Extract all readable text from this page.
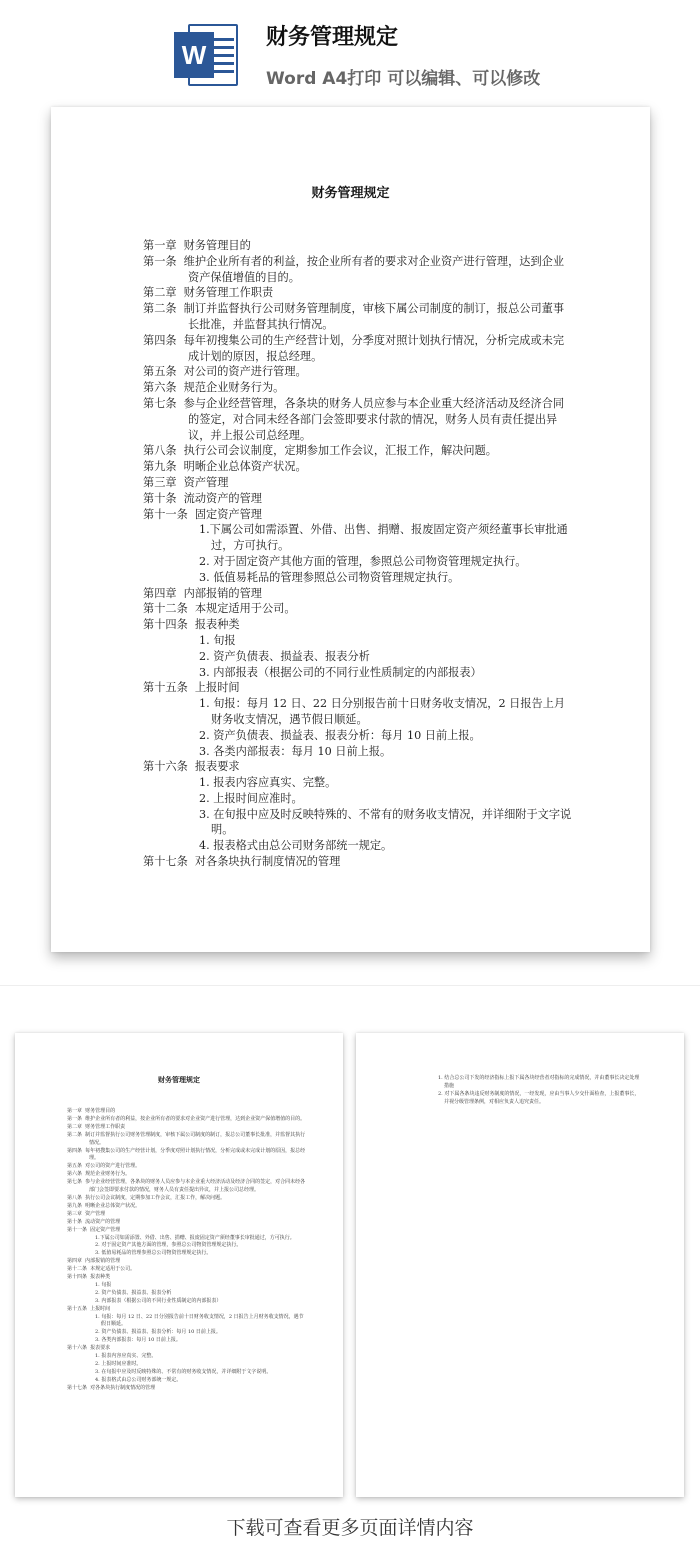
W
财务管理规定
Word A4打印 可以编辑、可以修改
财务管理规定
第一章  财务管理目的
第一条  维护企业所有者的利益，按企业所有者的要求对企业资产进行管理，达到企业资产保值增值的目的。
第二章  财务管理工作职责
第二条  制订并监督执行公司财务管理制度，审核下属公司制度的制订，报总公司董事长批准，并监督其执行情况。
第四条  每年初搜集公司的生产经营计划，分季度对照计划执行情况，分析完成或未完成计划的原因，报总经理。
第五条  对公司的资产进行管理。
第六条  规范企业财务行为。
第七条  参与企业经营管理，各条块的财务人员应参与本企业重大经济活动及经济合同的签定，对合同未经各部门会签即要求付款的情况，财务人员有责任提出异议，并上报公司总经理。
第八条  执行公司会议制度，定期参加工作会议，汇报工作，解决问题。
第九条  明晰企业总体资产状况。
第三章  资产管理
第十条  流动资产的管理
第十一条  固定资产管理
1.下属公司如需添置、外借、出售、捐赠、报废固定资产须经董事长审批通过，方可执行。
2. 对于固定资产其他方面的管理，参照总公司物资管理规定执行。
3. 低值易耗品的管理参照总公司物资管理规定执行。
第四章  内部报销的管理
第十二条  本规定适用于公司。
第十四条  报表种类
1. 旬报
2. 资产负债表、损益表、报表分析
3. 内部报表（根据公司的不同行业性质制定的内部报表）
第十五条  上报时间
1. 旬报：每月 12 日、22 日分别报告前十日财务收支情况，2 日报告上月财务收支情况，遇节假日顺延。
2. 资产负债表、损益表、报表分析：每月 10 日前上报。
3. 各类内部报表：每月 10 日前上报。
第十六条  报表要求
1. 报表内容应真实、完整。
2. 上报时间应准时。
3. 在旬报中应及时反映特殊的、不常有的财务收支情况，并详细附于文字说明。
4. 报表格式由总公司财务部统一规定。
第十七条  对各条块执行制度情况的管理
财务管理规定
第一章  财务管理目的
第一条  维护企业所有者的利益，按企业所有者的要求对企业资产进行管理，达到企业资产保值增值的目的。
第二章  财务管理工作职责
第二条  制订并监督执行公司财务管理制度，审核下属公司制度的制订，报总公司董事长批准，并监督其执行情况。
第四条  每年初搜集公司的生产经营计划，分季度对照计划执行情况，分析完成或未完成计划的原因，报总经理。
第五条  对公司的资产进行管理。
第六条  规范企业财务行为。
第七条  参与企业经营管理，各条块的财务人员应参与本企业重大经济活动及经济合同的签定，对合同未经各部门会签即要求付款的情况，财务人员有责任提出异议，并上报公司总经理。
第八条  执行公司会议制度，定期参加工作会议，汇报工作，解决问题。
第九条  明晰企业总体资产状况。
第三章  资产管理
第十条  流动资产的管理
第十一条  固定资产管理
1.下属公司如需添置、外借、出售、捐赠、报废固定资产须经董事长审批通过，方可执行。
2. 对于固定资产其他方面的管理，参照总公司物资管理规定执行。
3. 低值易耗品的管理参照总公司物资管理规定执行。
第四章  内部报销的管理
第十二条  本规定适用于公司。
第十四条  报表种类
1. 旬报
2. 资产负债表、损益表、报表分析
3. 内部报表（根据公司的不同行业性质制定的内部报表）
第十五条  上报时间
1. 旬报：每月 12 日、22 日分别报告前十日财务收支情况，2 日报告上月财务收支情况，遇节假日顺延。
2. 资产负债表、损益表、报表分析：每月 10 日前上报。
3. 各类内部报表：每月 10 日前上报。
第十六条  报表要求
1. 报表内容应真实、完整。
2. 上报时间应准时。
3. 在旬报中应及时反映特殊的、不常有的财务收支情况，并详细附于文字说明。
4. 报表格式由总公司财务部统一规定。
第十七条  对各条块执行制度情况的管理
1. 结合总公司下发的经济指标上报下属各块经营者对指标的完成情况，并由董事长决定处理措施
2. 对下属各条块违反财务制度的情况，一经发现，应由当事人少交什面检查，上报董事长，并视分级管理条例，对相应负责人追究责任。
下载可查看更多页面详情内容
